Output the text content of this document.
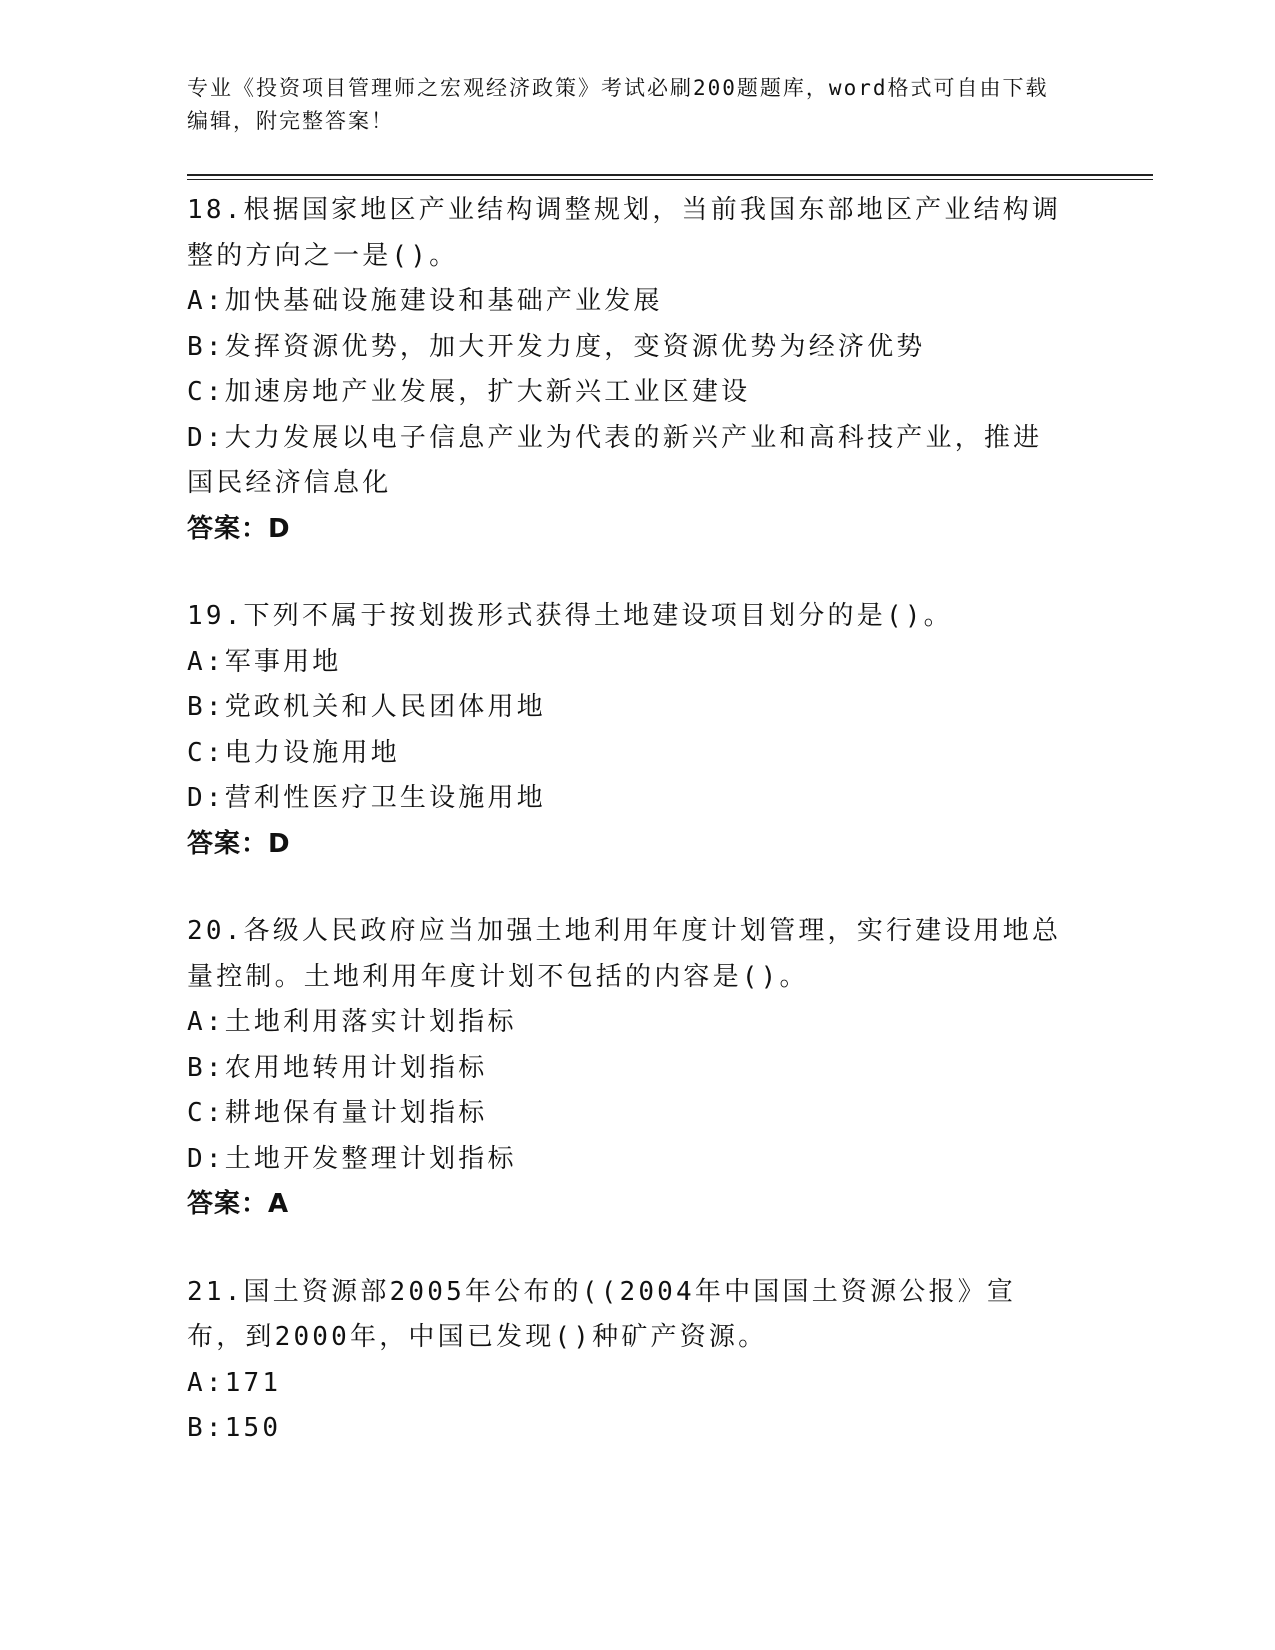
专业《投资项目管理师之宏观经济政策》考试必刷200题题库，word格式可自由下载编辑，附完整答案！
18.根据国家地区产业结构调整规划，当前我国东部地区产业结构调整的方向之一是()。
A:加快基础设施建设和基础产业发展
B:发挥资源优势，加大开发力度，变资源优势为经济优势
C:加速房地产业发展，扩大新兴工业区建设
D:大力发展以电子信息产业为代表的新兴产业和高科技产业，推进国民经济信息化
答案：D
19.下列不属于按划拨形式获得土地建设项目划分的是()。
A:军事用地
B:党政机关和人民团体用地
C:电力设施用地
D:营利性医疗卫生设施用地
答案：D
20.各级人民政府应当加强土地利用年度计划管理，实行建设用地总量控制。土地利用年度计划不包括的内容是()。
A:土地利用落实计划指标
B:农用地转用计划指标
C:耕地保有量计划指标
D:土地开发整理计划指标
答案：A
21.国土资源部2005年公布的((2004年中国国土资源公报》宣布，到2000年，中国已发现()种矿产资源。
A:171
B:150
